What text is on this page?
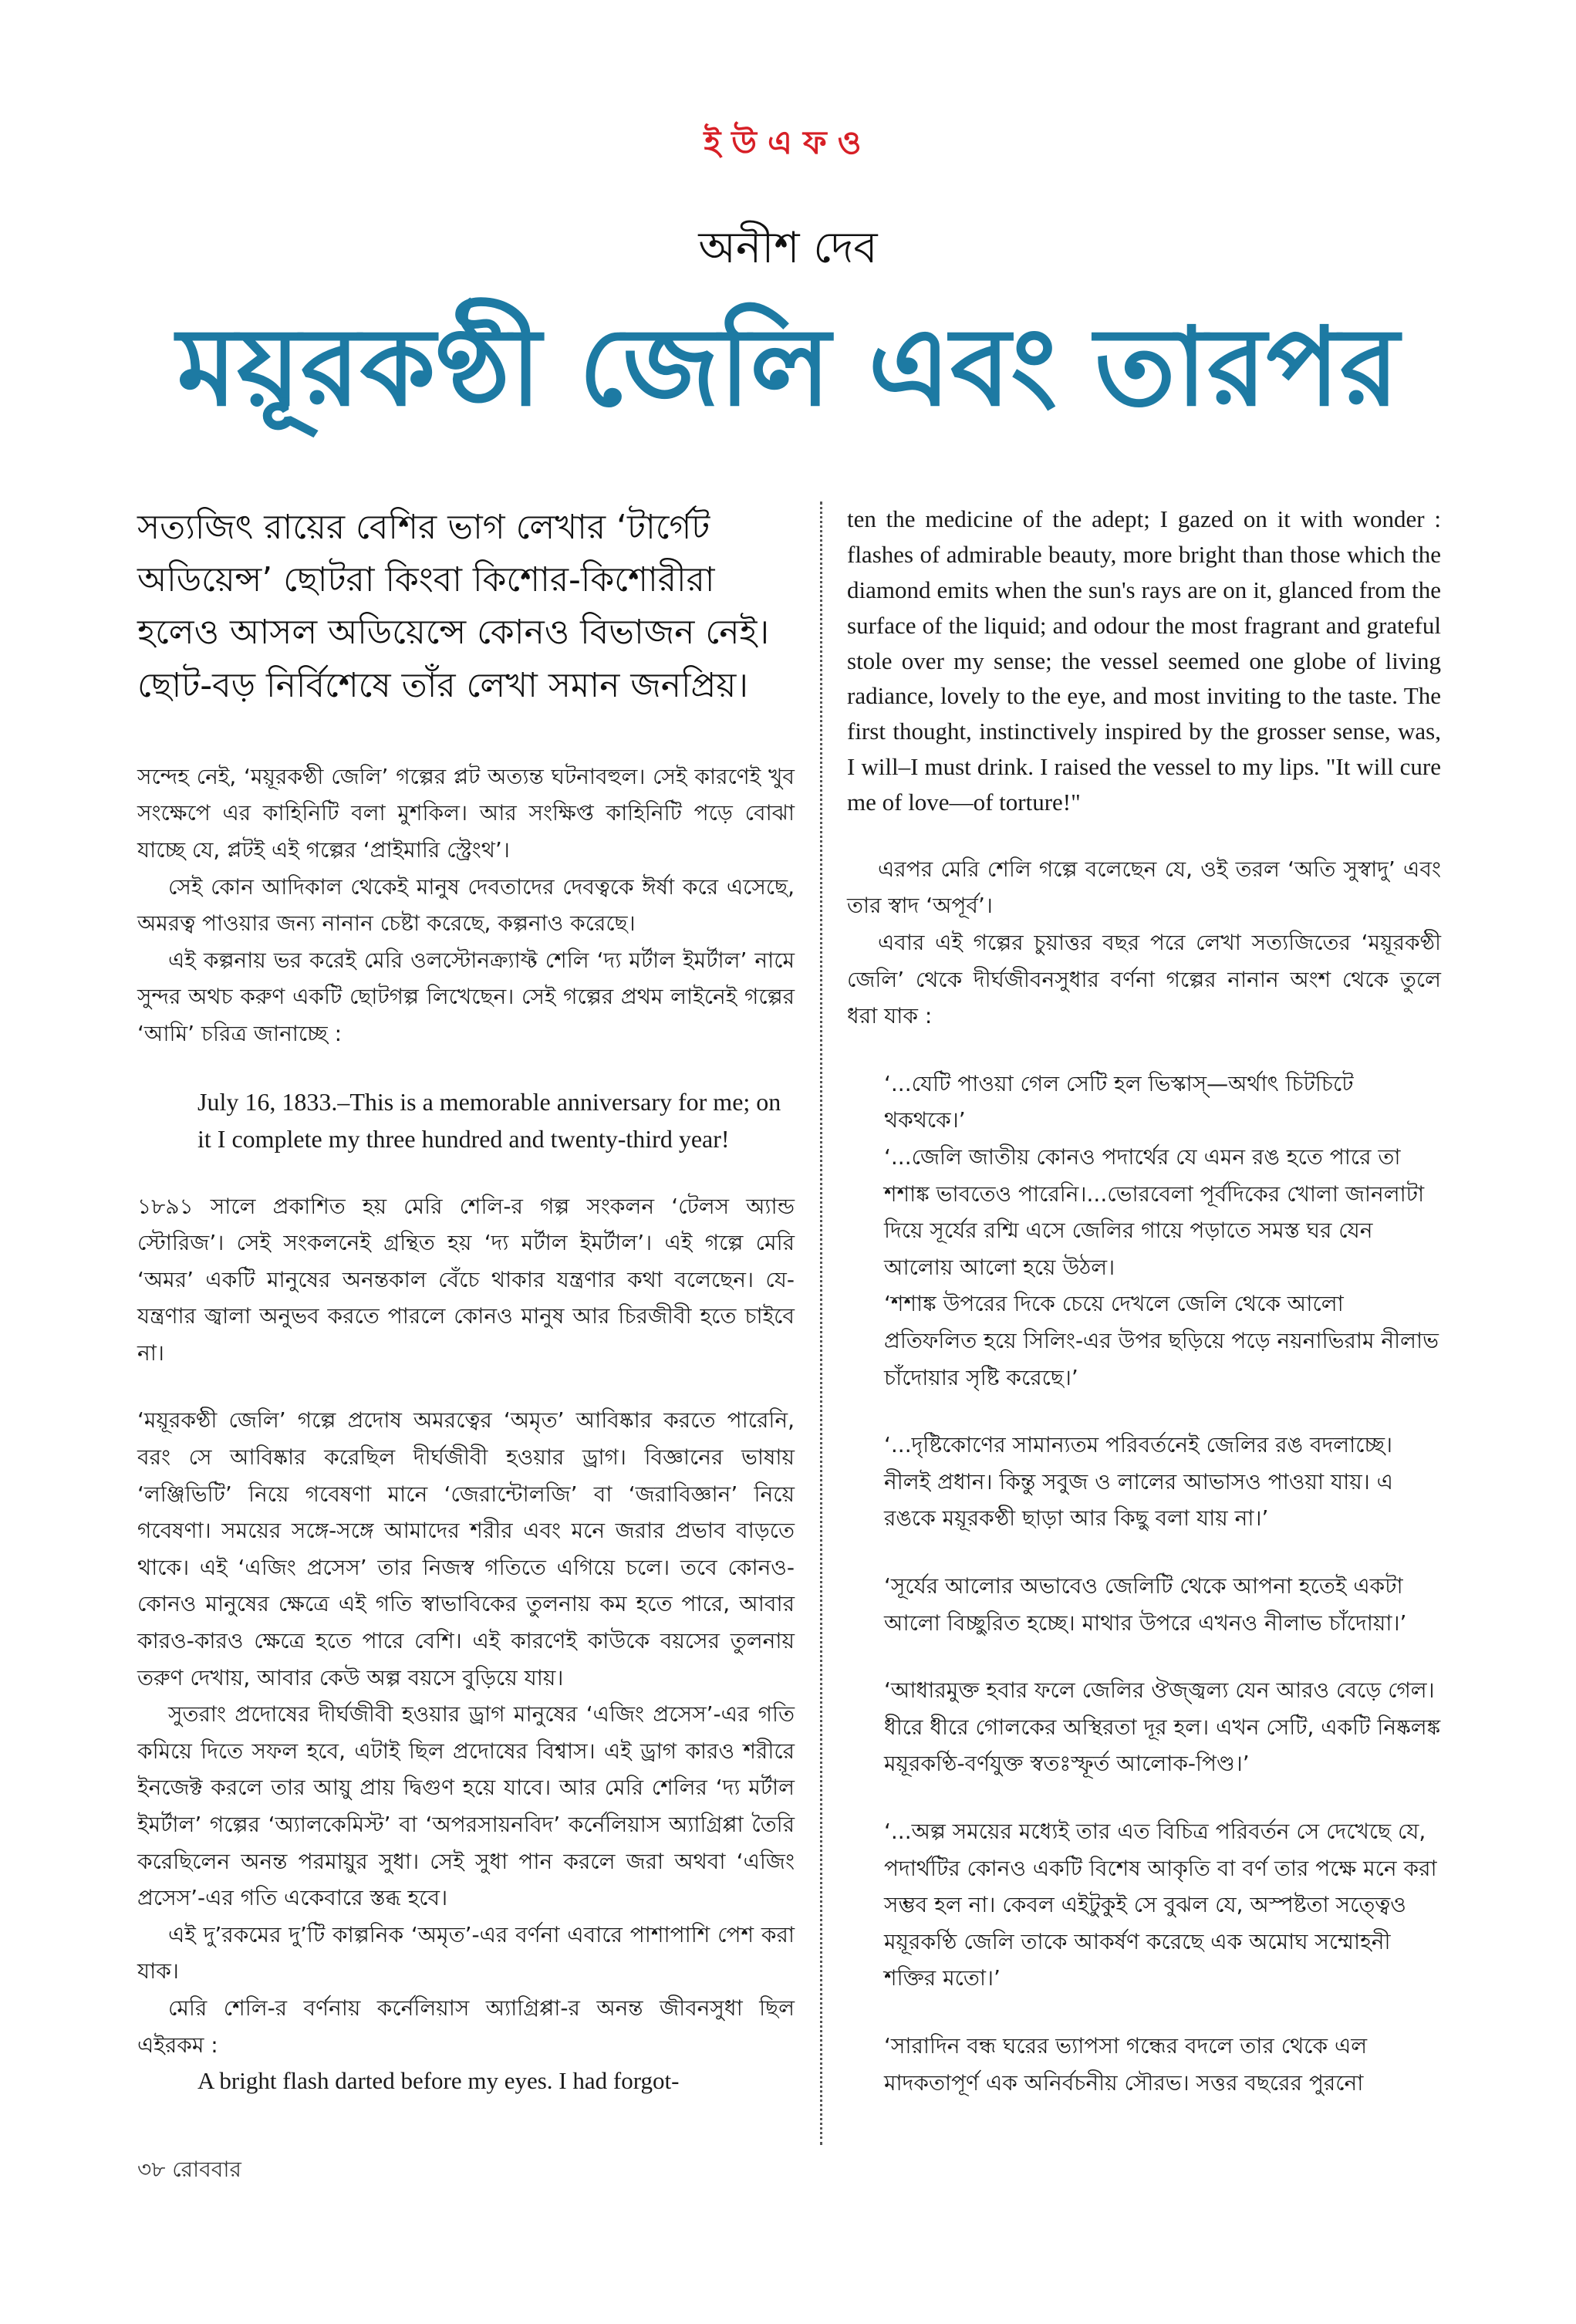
ইউএফও
অনীশ দেব
ময়ূরকণ্ঠী জেলি এবং তারপর

সত্যজিৎ রায়ের বেশির ভাগ লেখার ‘টার্গেট অডিয়েন্স’ ছোটরা কিংবা কিশোর-কিশোরীরা হলেও আসল অডিয়েন্সে কোনও বিভাজন নেই। ছোট-বড় নির্বিশেষে তাঁর লেখা সমান জনপ্রিয়।

সন্দেহ নেই, ‘ময়ূরকণ্ঠী জেলি’ গল্পের প্লট অত্যন্ত ঘটনাবহুল। সেই কারণেই খুব সংক্ষেপে এর কাহিনিটি বলা মুশকিল। আর সংক্ষিপ্ত কাহিনিটি পড়ে বোঝা যাচ্ছে যে, প্লটই এই গল্পের ‘প্রাইমারি স্ট্রেংথ’।

সেই কোন আদিকাল থেকেই মানুষ দেবতাদের দেবত্বকে ঈর্ষা করে এসেছে, অমরত্ব পাওয়ার জন্য নানান চেষ্টা করেছে, কল্পনাও করেছে।

এই কল্পনায় ভর করেই মেরি ওলস্টোনক্র্যাফ্ট শেলি ‘দ্য মর্টাল ইমর্টাল’ নামে সুন্দর অথচ করুণ একটি ছোটগল্প লিখেছেন। সেই গল্পের প্রথম লাইনেই গল্পের ‘আমি’ চরিত্র জানাচ্ছে :

July 16, 1833.–This is a memorable anniversary for me; on it I complete my three hundred and twenty-third year!

১৮৯১ সালে প্রকাশিত হয় মেরি শেলি-র গল্প সংকলন ‘টেলস অ্যান্ড স্টোরিজ’। সেই সংকলনেই গ্রন্থিত হয় ‘দ্য মর্টাল ইমর্টাল’। এই গল্পে মেরি ‘অমর’ একটি মানুষের অনন্তকাল বেঁচে থাকার যন্ত্রণার কথা বলেছেন। যে-যন্ত্রণার জ্বালা অনুভব করতে পারলে কোনও মানুষ আর চিরজীবী হতে চাইবে না।

‘ময়ূরকণ্ঠী জেলি’ গল্পে প্রদোষ অমরত্বের ‘অমৃত’ আবিষ্কার করতে পারেনি, বরং সে আবিষ্কার করেছিল দীর্ঘজীবী হওয়ার ড্রাগ। বিজ্ঞানের ভাষায় ‘লঞ্জিভিটি’ নিয়ে গবেষণা মানে ‘জেরান্টোলজি’ বা ‘জরাবিজ্ঞান’ নিয়ে গবেষণা। সময়ের সঙ্গে-সঙ্গে আমাদের শরীর এবং মনে জরার প্রভাব বাড়তে থাকে। এই ‘এজিং প্রসেস’ তার নিজস্ব গতিতে এগিয়ে চলে। তবে কোনও-কোনও মানুষের ক্ষেত্রে এই গতি স্বাভাবিকের তুলনায় কম হতে পারে, আবার কারও-কারও ক্ষেত্রে হতে পারে বেশি। এই কারণেই কাউকে বয়সের তুলনায় তরুণ দেখায়, আবার কেউ অল্প বয়সে বুড়িয়ে যায়।

সুতরাং প্রদোষের দীর্ঘজীবী হওয়ার ড্রাগ মানুষের ‘এজিং প্রসেস’-এর গতি কমিয়ে দিতে সফল হবে, এটাই ছিল প্রদোষের বিশ্বাস। এই ড্রাগ কারও শরীরে ইনজেক্ট করলে তার আয়ু প্রায় দ্বিগুণ হয়ে যাবে। আর মেরি শেলির ‘দ্য মর্টাল ইমর্টাল’ গল্পের ‘অ্যালকেমিস্ট’ বা ‘অপরসায়নবিদ’ কর্নেলিয়াস অ্যাগ্রিপ্পা তৈরি করেছিলেন অনন্ত পরমায়ুর সুধা। সেই সুধা পান করলে জরা অথবা ‘এজিং প্রসেস’-এর গতি একেবারে স্তব্ধ হবে।

এই দু’রকমের দু’টি কাল্পনিক ‘অমৃত’-এর বর্ণনা এবারে পাশাপাশি পেশ করা যাক।

মেরি শেলি-র বর্ণনায় কর্নেলিয়াস অ্যাগ্রিপ্পা-র অনন্ত জীবনসুধা ছিল এইরকম :

A bright flash darted before my eyes. I had forgot-

ten the medicine of the adept; I gazed on it with wonder : flashes of admirable beauty, more bright than those which the diamond emits when the sun's rays are on it, glanced from the surface of the liquid; and odour the most fragrant and grateful stole over my sense; the vessel seemed one globe of living radiance, lovely to the eye, and most inviting to the taste. The first thought, instinctively inspired by the grosser sense, was, I will–I must drink. I raised the vessel to my lips. "It will cure me of love—of torture!"

এরপর মেরি শেলি গল্পে বলেছেন যে, ওই তরল ‘অতি সুস্বাদু’ এবং তার স্বাদ ‘অপূর্ব’।

এবার এই গল্পের চুয়াত্তর বছর পরে লেখা সত্যজিতের ‘ময়ূরকণ্ঠী জেলি’ থেকে দীর্ঘজীবনসুধার বর্ণনা গল্পের নানান অংশ থেকে তুলে ধরা যাক :

‘...যেটি পাওয়া গেল সেটি হল ভিস্কাস্—অর্থাৎ চিটচিটে থকথকে।’

‘...জেলি জাতীয় কোনও পদার্থের যে এমন রঙ হতে পারে তা শশাঙ্ক ভাবতেও পারেনি।...ভোরবেলা পূর্বদিকের খোলা জানলাটা দিয়ে সূর্যের রশ্মি এসে জেলির গায়ে পড়াতে সমস্ত ঘর যেন আলোয় আলো হয়ে উঠল।

‘শশাঙ্ক উপরের দিকে চেয়ে দেখলে জেলি থেকে আলো প্রতিফলিত হয়ে সিলিং-এর উপর ছড়িয়ে পড়ে নয়নাভিরাম নীলাভ চাঁদোয়ার সৃষ্টি করেছে।’

‘...দৃষ্টিকোণের সামান্যতম পরিবর্তনেই জেলির রঙ বদলাচ্ছে। নীলই প্রধান। কিন্তু সবুজ ও লালের আভাসও পাওয়া যায়। এ রঙকে ময়ূরকণ্ঠী ছাড়া আর কিছু বলা যায় না।’

‘সূর্যের আলোর অভাবেও জেলিটি থেকে আপনা হতেই একটা আলো বিচ্ছুরিত হচ্ছে। মাথার উপরে এখনও নীলাভ চাঁদোয়া।’

‘আধারমুক্ত হবার ফলে জেলির ঔজ্জ্বল্য যেন আরও বেড়ে গেল। ধীরে ধীরে গোলকের অস্থিরতা দূর হল। এখন সেটি, একটি নিষ্কলঙ্ক ময়ূরকণ্ঠি-বর্ণযুক্ত স্বতঃস্ফূর্ত আলোক-পিণ্ড।’

‘...অল্প সময়ের মধ্যেই তার এত বিচিত্র পরিবর্তন সে দেখেছে যে, পদার্থটির কোনও একটি বিশেষ আকৃতি বা বর্ণ তার পক্ষে মনে করা সম্ভব হল না। কেবল এইটুকুই সে বুঝল যে, অস্পষ্টতা সত্ত্বেও ময়ূরকণ্ঠি জেলি তাকে আকর্ষণ করেছে এক অমোঘ সম্মোহনী শক্তির মতো।’

‘সারাদিন বন্ধ ঘরের ভ্যাপসা গন্ধের বদলে তার থেকে এল মাদকতাপূর্ণ এক অনির্বচনীয় সৌরভ। সত্তর বছরের পুরনো

৩৮ রোববার
